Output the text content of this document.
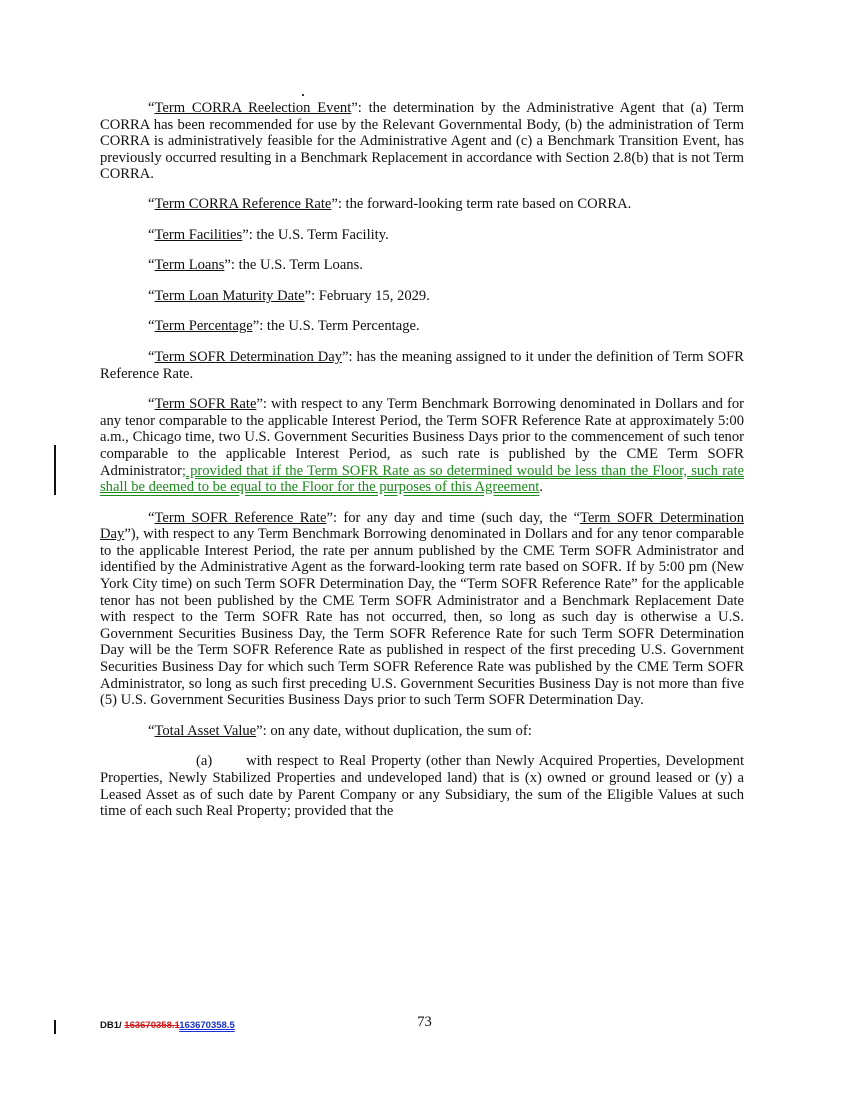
“Term CORRA Reelection Event”: the determination by the Administrative Agent that (a) Term CORRA has been recommended for use by the Relevant Governmental Body, (b) the administration of Term CORRA is administratively feasible for the Administrative Agent and (c) a Benchmark Transition Event, has previously occurred resulting in a Benchmark Replacement in accordance with Section 2.8(b) that is not Term CORRA.

“Term CORRA Reference Rate”: the forward-looking term rate based on CORRA.

“Term Facilities”: the U.S. Term Facility.

“Term Loans”: the U.S. Term Loans.

“Term Loan Maturity Date”: February 15, 2029.

“Term Percentage”: the U.S. Term Percentage.

“Term SOFR Determination Day”: has the meaning assigned to it under the definition of Term SOFR Reference Rate.

“Term SOFR Rate”: with respect to any Term Benchmark Borrowing denominated in Dollars and for any tenor comparable to the applicable Interest Period, the Term SOFR Reference Rate at approximately 5:00 a.m., Chicago time, two U.S. Government Securities Business Days prior to the commencement of such tenor comparable to the applicable Interest Period, as such rate is published by the CME Term SOFR Administrator; provided that if the Term SOFR Rate as so determined would be less than the Floor, such rate shall be deemed to be equal to the Floor for the purposes of this Agreement.

“Term SOFR Reference Rate”: for any day and time (such day, the “Term SOFR Determination Day”), with respect to any Term Benchmark Borrowing denominated in Dollars and for any tenor comparable to the applicable Interest Period, the rate per annum published by the CME Term SOFR Administrator and identified by the Administrative Agent as the forward-looking term rate based on SOFR. If by 5:00 pm (New York City time) on such Term SOFR Determination Day, the “Term SOFR Reference Rate” for the applicable tenor has not been published by the CME Term SOFR Administrator and a Benchmark Replacement Date with respect to the Term SOFR Rate has not occurred, then, so long as such day is otherwise a U.S. Government Securities Business Day, the Term SOFR Reference Rate for such Term SOFR Determination Day will be the Term SOFR Reference Rate as published in respect of the first preceding U.S. Government Securities Business Day for which such Term SOFR Reference Rate was published by the CME Term SOFR Administrator, so long as such first preceding U.S. Government Securities Business Day is not more than five (5) U.S. Government Securities Business Days prior to such Term SOFR Determination Day.

“Total Asset Value”: on any date, without duplication, the sum of:

(a) with respect to Real Property (other than Newly Acquired Properties, Development Properties, Newly Stabilized Properties and undeveloped land) that is (x) owned or ground leased or (y) a Leased Asset as of such date by Parent Company or any Subsidiary, the sum of the Eligible Values at such time of each such Real Property; provided that the

DB1/ 163670358.1163670358.5	73
